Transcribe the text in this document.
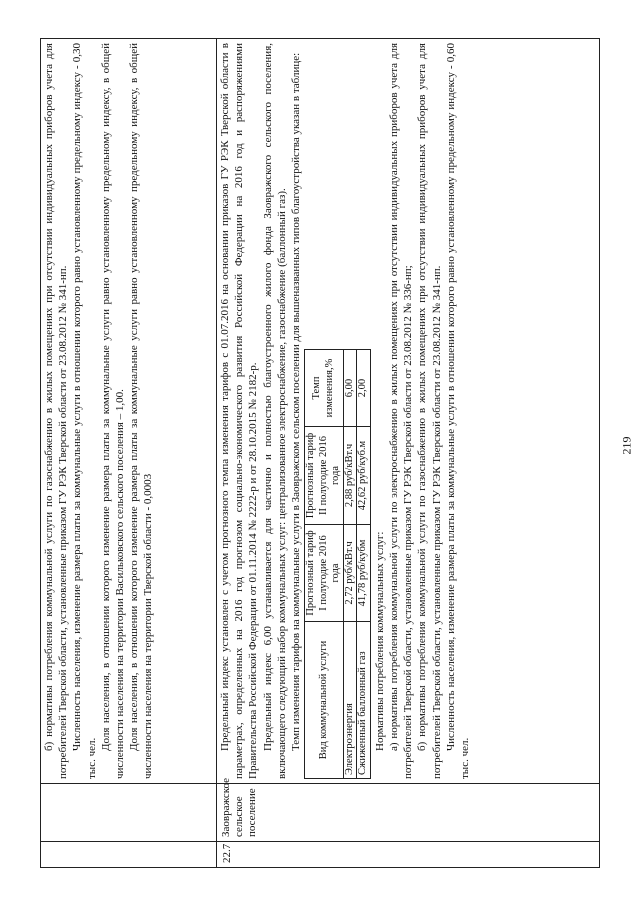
219

б) нормативы потребления коммунальной услуги по газоснабжению в жилых помещениях при отсутствии индивидуальных приборов учета для потребителей Тверской области, установленные приказом ГУ РЭК Тверской области от 23.08.2012 № 341-нп. Численность населения, изменение размера платы за коммунальные услуги в отношении которого равно установленному предельному индексу - 0,30 тыс. чел.

Доля населения, в отношении которого изменение размера платы за коммунальные услуги равно установленному предельному индексу, в общей численности населения на территории Васильковского сельского поселения – 1,00. Доля населения, в отношении которого изменение размера платы за коммунальные услуги равно установленному предельному индексу, в общей численности населения на территории Тверской области - 0,0003

22.7	Заовражское сельское поселение	

Предельный индекс установлен с учетом прогнозного темпа изменения тарифов с 01.07.2016 на основании приказов ГУ РЭК Тверской области в параметрах, определенных на 2016 год прогнозом социально-экономического развития Российской Федерации на 2016 год и распоряжениями Правительства Российской Федерации от 01.11.2014 № 2222-р и от 28.10.2015 № 2182-р. Предельный индекс 6,00 устанавливается для частично и полностью благоустроенного жилого фонда Заовражского сельского поселения, включающего следующий набор коммунальных услуг: централизованное электроснабжение, газоснабжение (баллонный газ). Темп изменения тарифов на коммунальные услуги в Заовражском сельском поселении для вышеназванных типов благоустройства указан в таблице: Вид коммунальной услуги	Прогнозный тариф I полугодие 2016 года	Прогнозный тариф II полугодие 2016 года	Темп изменения,%
Электроэнергия	2,72 руб/кВт.ч	2,88 руб/кВт.ч	6,00
Сжиженный баллонный газ	41,78 руб/кубм	42,62 руб/куб.м	2,00

Нормативы потребления коммунальных услуг: а) нормативы потребления коммунальной услуги по электроснабжению в жилых помещениях при отсутствии индивидуальных приборов учета для потребителей Тверской области, установленные приказом ГУ РЭК Тверской области от 23.08.2012 № 336-нп; б) нормативы потребления коммунальной услуги по газоснабжению в жилых помещениях при отсутствии индивидуальных приборов учета для потребителей Тверской области, установленные приказом ГУ РЭК Тверской области от 23.08.2012 № 341-нп. Численность населения, изменение размера платы за коммунальные услуги в отношении которого равно установленному предельному индексу - 0,60 тыс. чел.
